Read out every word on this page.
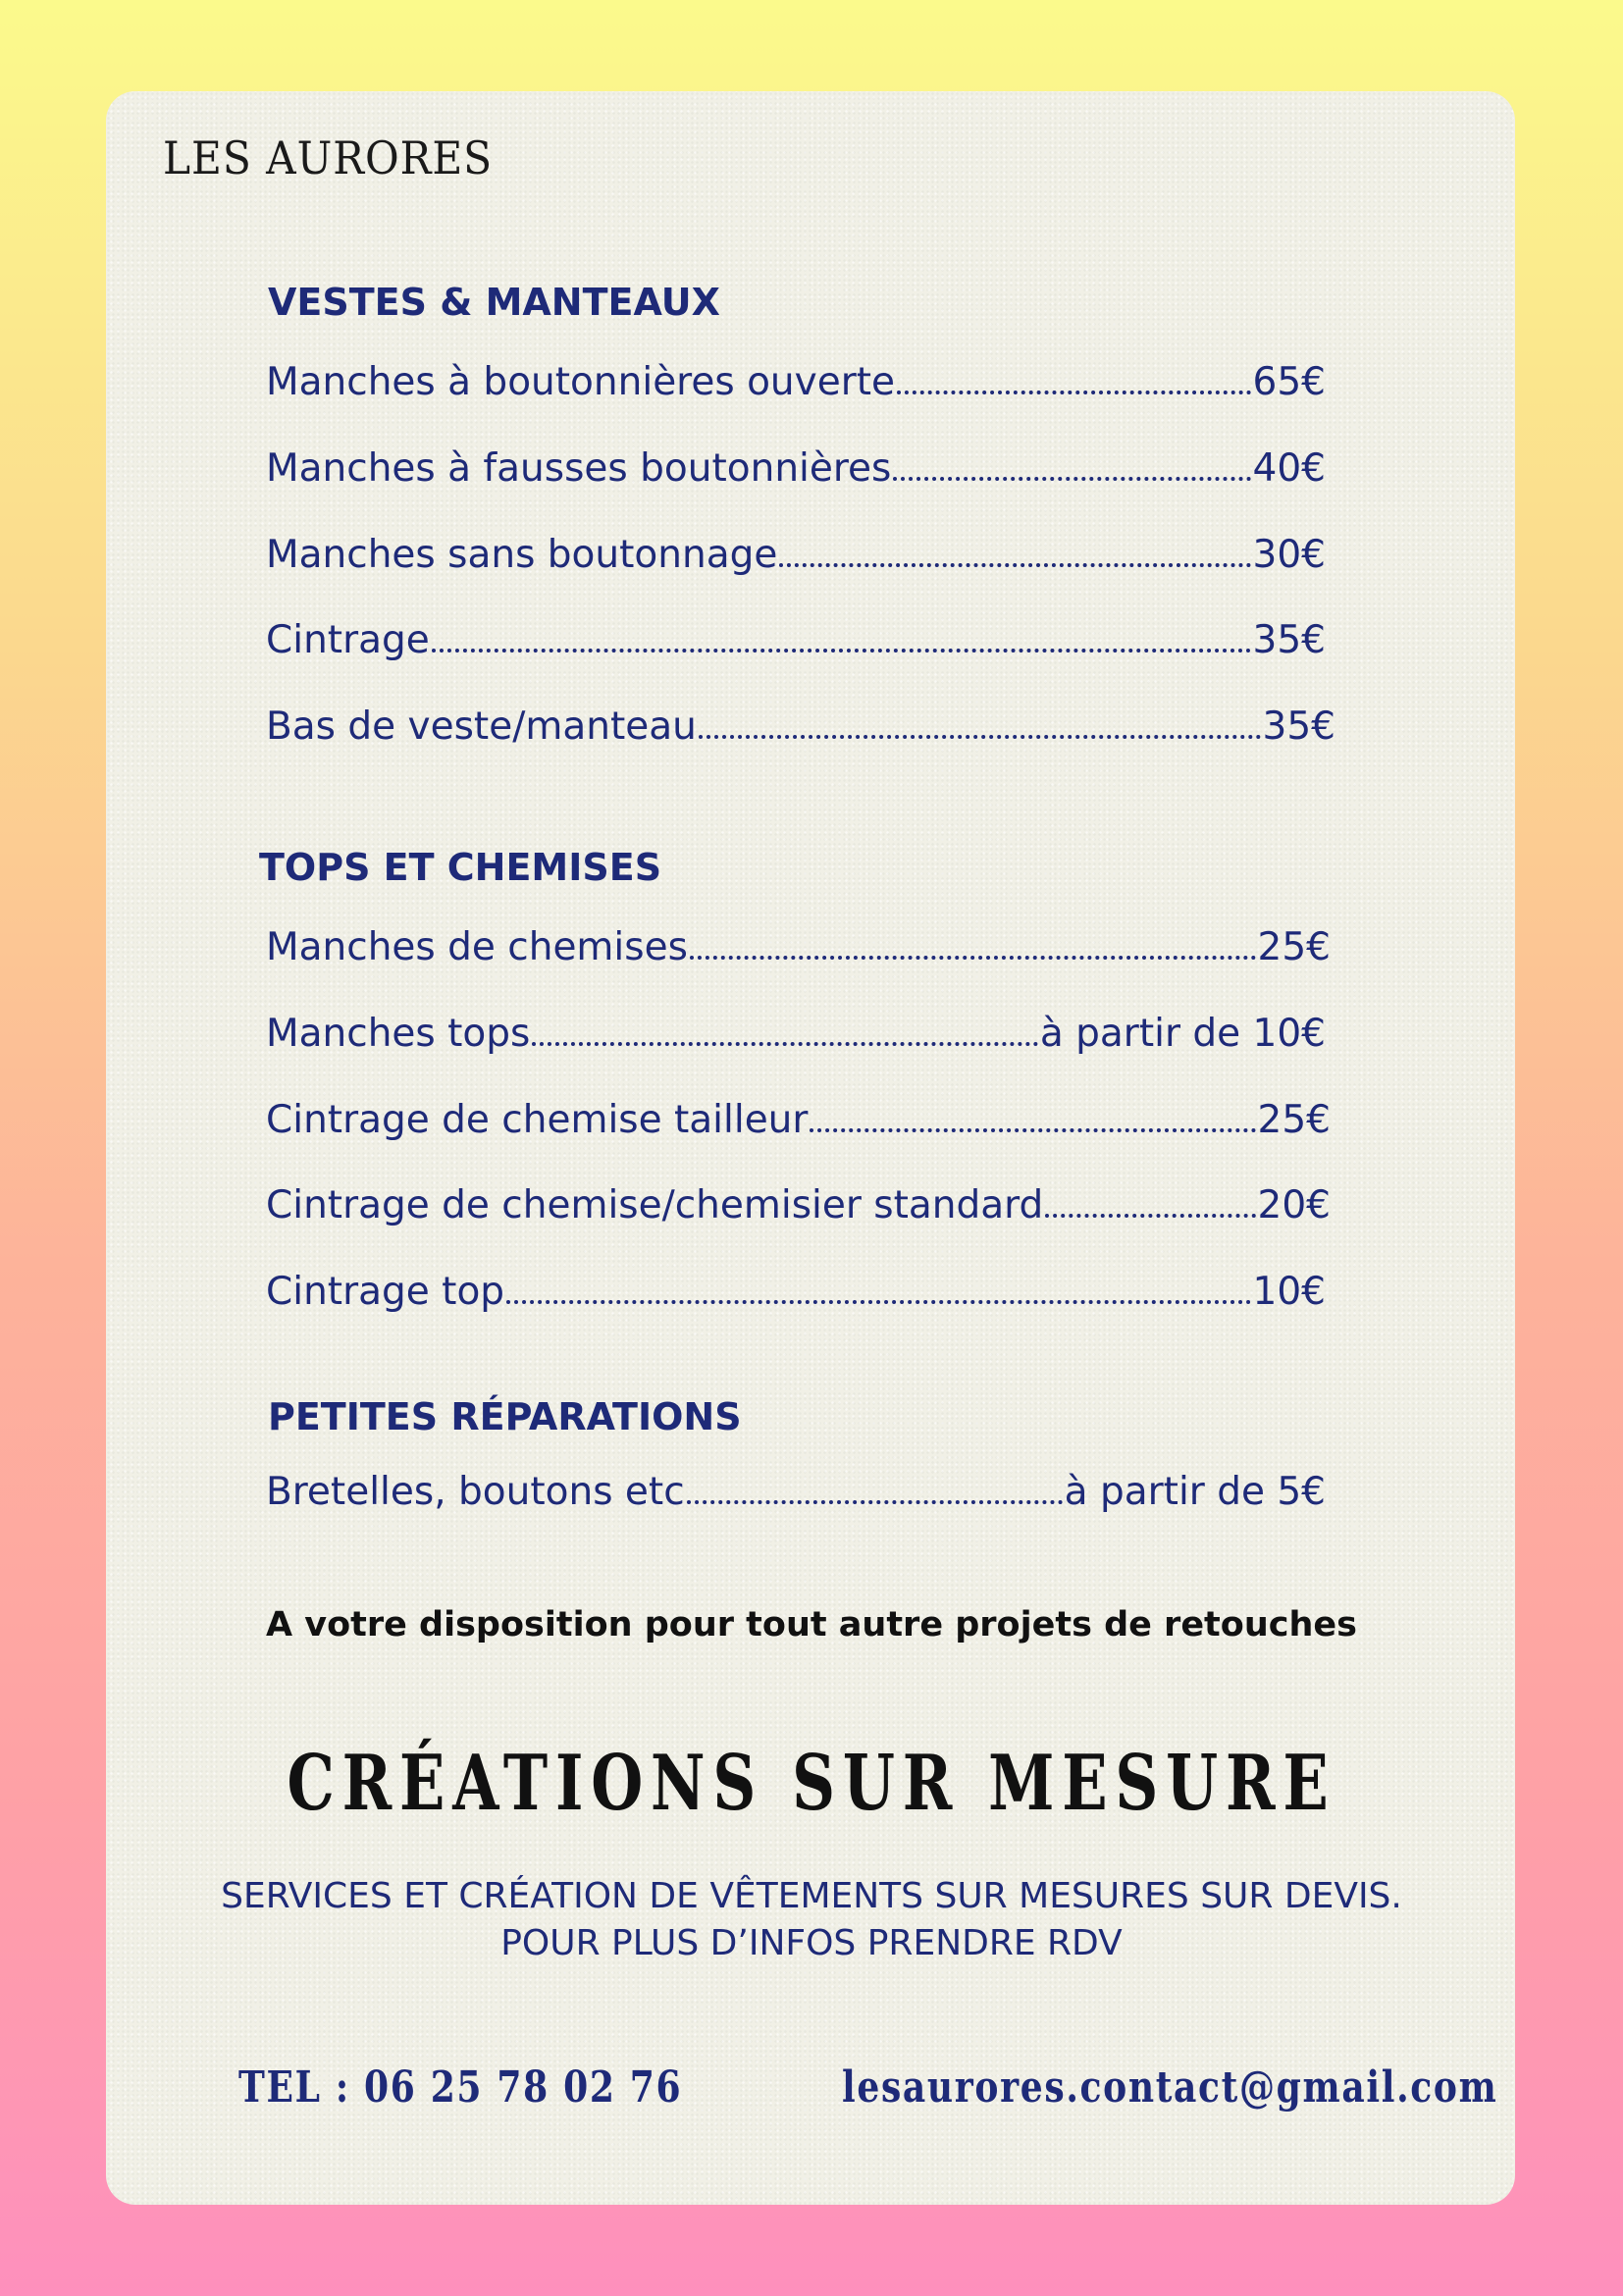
LES AURORES
VESTES & MANTEAUX
Manches à boutonnières ouverte	65€
Manches à fausses boutonnières	40€
Manches sans boutonnage	30€
Cintrage	35€
Bas de veste/manteau	35€
TOPS ET CHEMISES
Manches de chemises	25€
Manches tops	à partir de 10€
Cintrage de chemise tailleur	25€
Cintrage de chemise/chemisier standard	20€
Cintrage top	10€
PETITES RÉPARATIONS
Bretelles, boutons etc	à partir de 5€
A votre disposition pour tout autre projets de retouches
CRÉATIONS SUR MESURE
SERVICES ET CRÉATION DE VÊTEMENTS SUR MESURES SUR DEVIS.
POUR PLUS D’INFOS PRENDRE RDV
TEL : 06 25 78 02 76	lesaurores.contact@gmail.com
